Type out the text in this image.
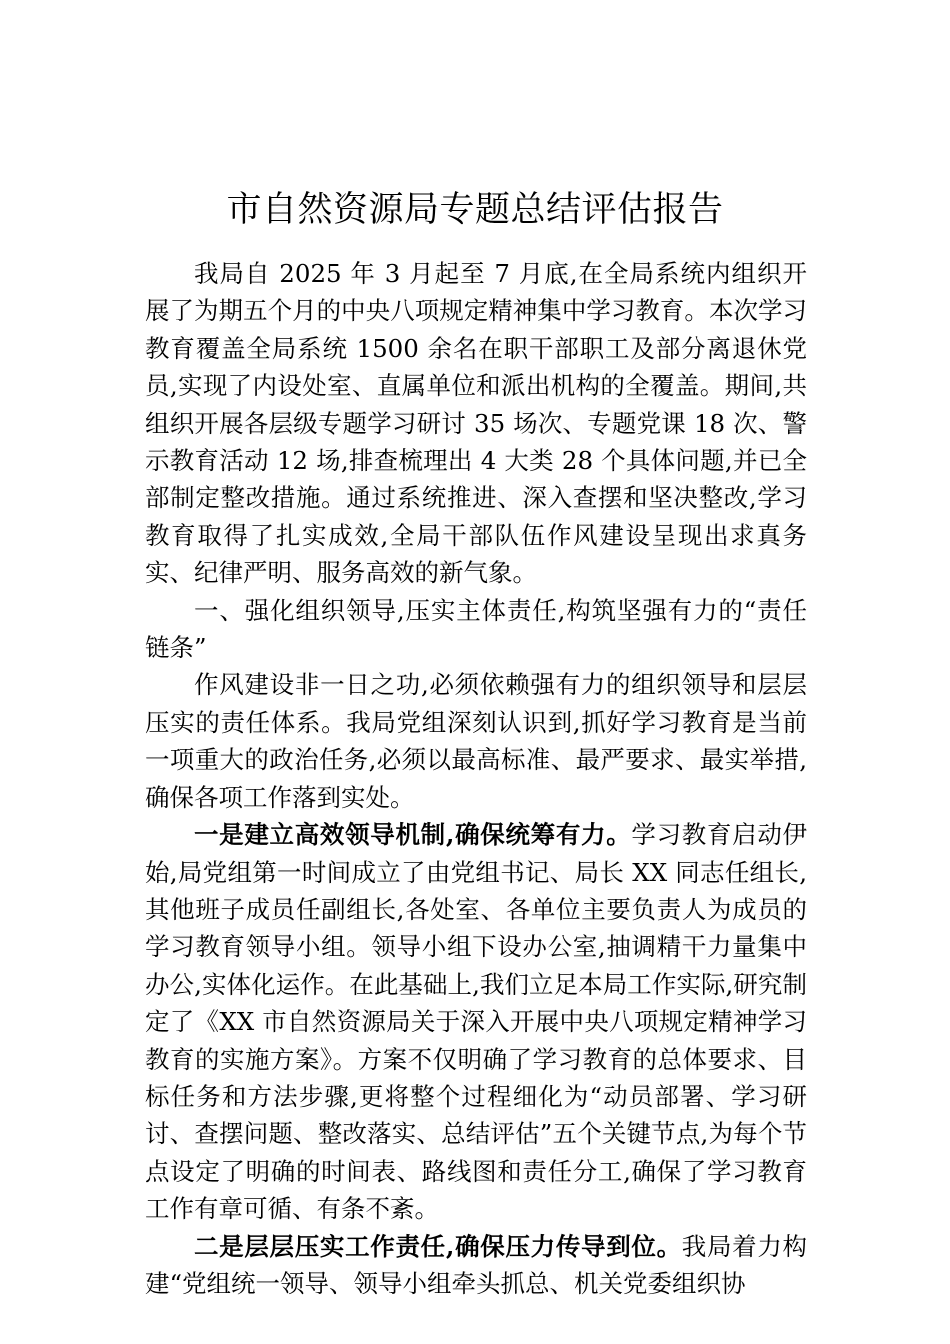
市自然资源局专题总结评估报告

我局自 2025 年 3 月起至 7 月底,在全局系统内组织开展了为期五个月的中央八项规定精神集中学习教育。本次学习教育覆盖全局系统 1500 余名在职干部职工及部分离退休党员,实现了内设处室、直属单位和派出机构的全覆盖。期间,共组织开展各层级专题学习研讨 35 场次、专题党课 18 次、警示教育活动 12 场,排查梳理出 4 大类 28 个具体问题,并已全部制定整改措施。通过系统推进、深入查摆和坚决整改,学习教育取得了扎实成效,全局干部队伍作风建设呈现出求真务实、纪律严明、服务高效的新气象。

一、强化组织领导,压实主体责任,构筑坚强有力的“责任链条”

作风建设非一日之功,必须依赖强有力的组织领导和层层压实的责任体系。我局党组深刻认识到,抓好学习教育是当前一项重大的政治任务,必须以最高标准、最严要求、最实举措,确保各项工作落到实处。

一是建立高效领导机制,确保统筹有力。学习教育启动伊始,局党组第一时间成立了由党组书记、局长 XX 同志任组长,其他班子成员任副组长,各处室、各单位主要负责人为成员的学习教育领导小组。领导小组下设办公室,抽调精干力量集中办公,实体化运作。在此基础上,我们立足本局工作实际,研究制定了《XX 市自然资源局关于深入开展中央八项规定精神学习教育的实施方案》。方案不仅明确了学习教育的总体要求、目标任务和方法步骤,更将整个过程细化为“动员部署、学习研讨、查摆问题、整改落实、总结评估”五个关键节点,为每个节点设定了明确的时间表、路线图和责任分工,确保了学习教育工作有章可循、有条不紊。

二是层层压实工作责任,确保压力传导到位。我局着力构建“党组统一领导、领导小组牵头抓总、机关党委组织协
